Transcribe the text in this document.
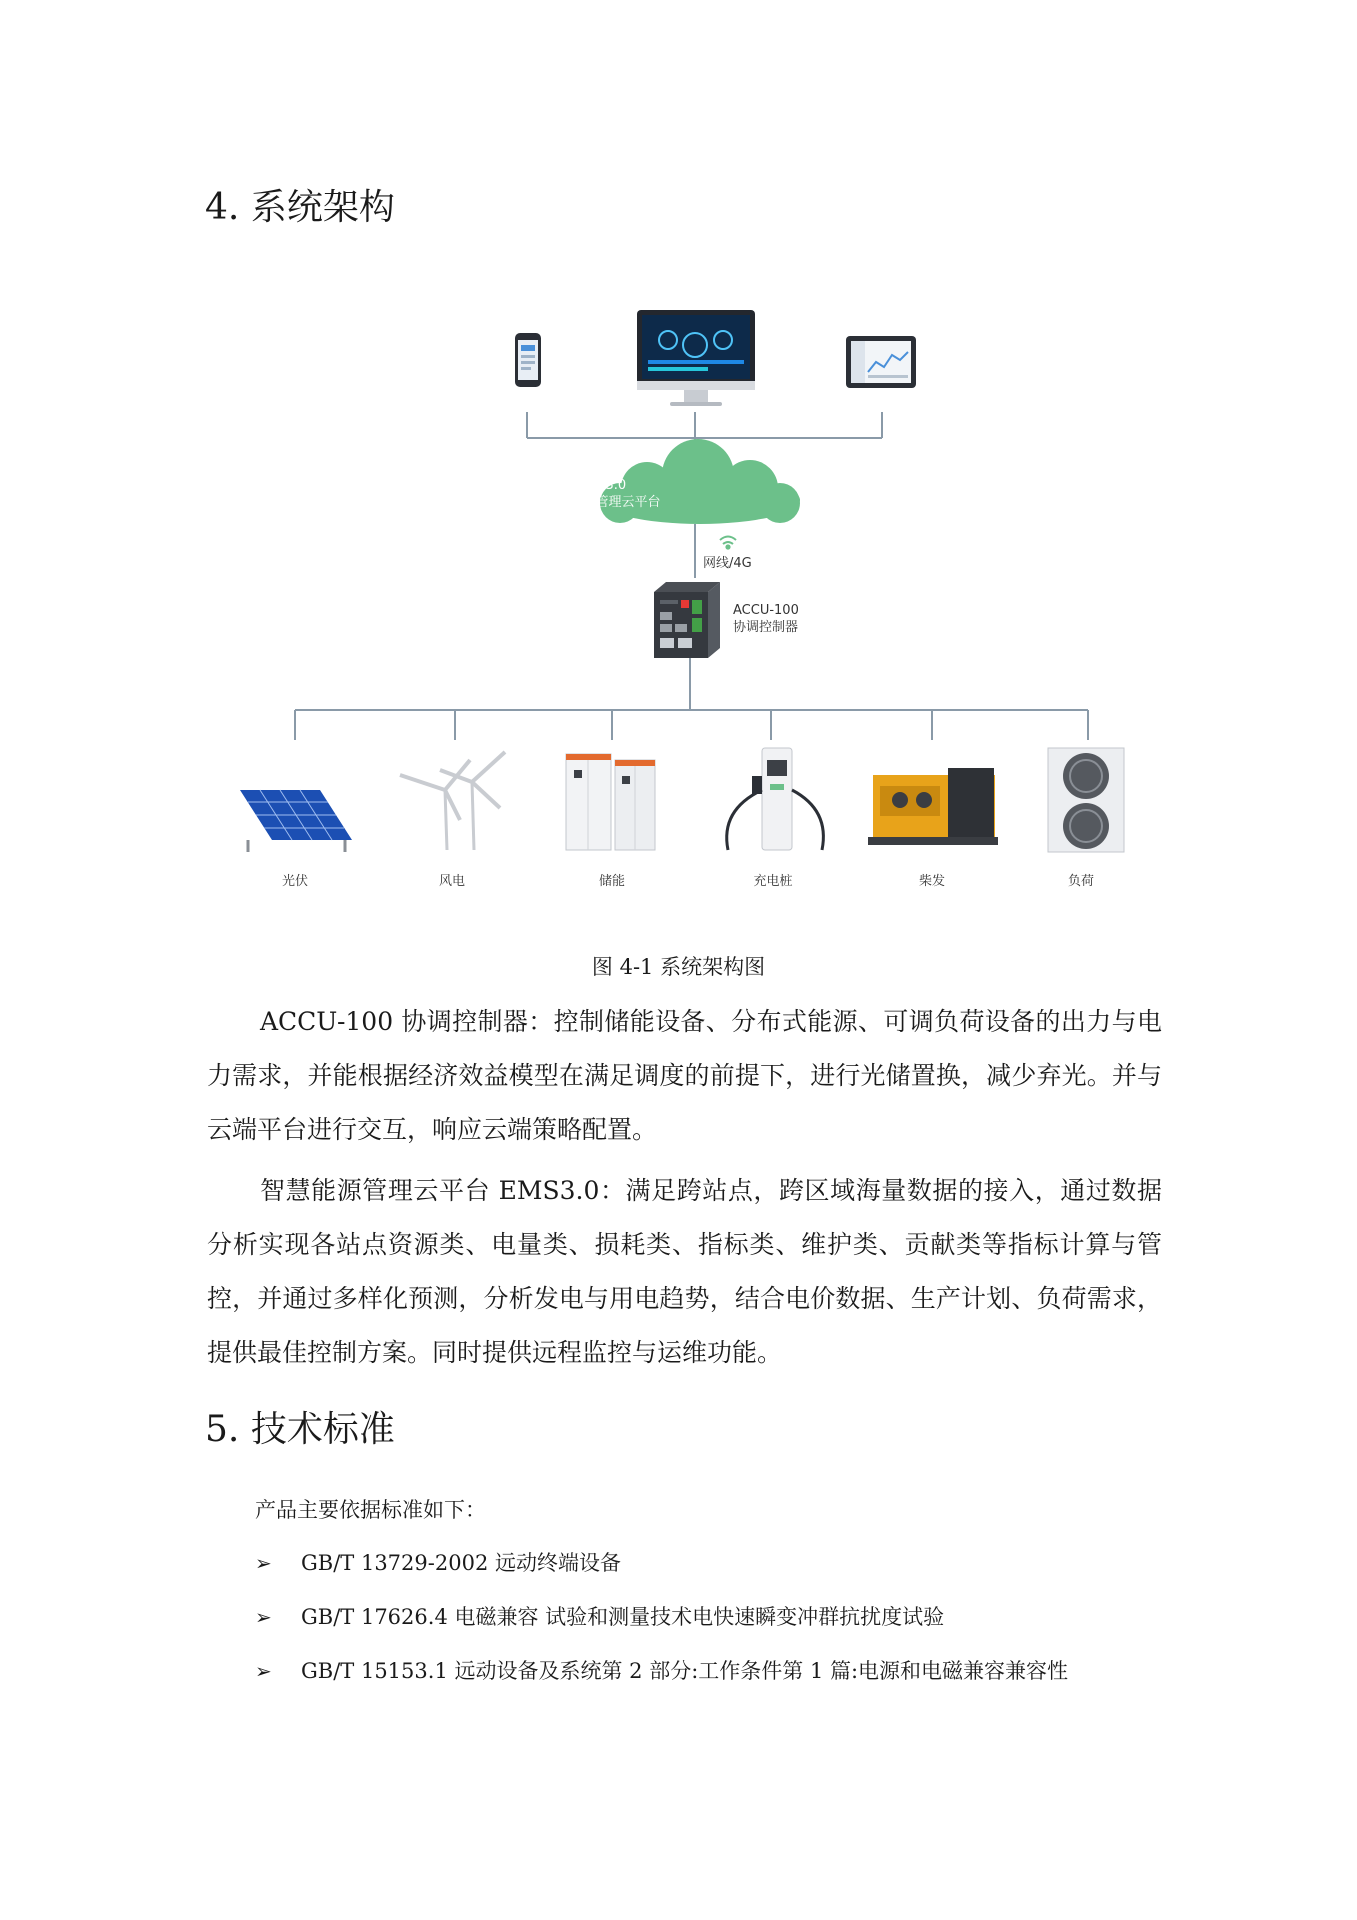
4. 系统架构
EMS3.0
智慧能源管理云平台
网线/4G
ACCU-100
协调控制器
光伏	风电	储能	充电桩	柴发	负荷
图 4-1 系统架构图

ACCU-100 协调控制器：控制储能设备、分布式能源、可调负荷设备的出力与电力需求，并能根据经济效益模型在满足调度的前提下，进行光储置换，减少弃光。并与云端平台进行交互，响应云端策略配置。

智慧能源管理云平台 EMS3.0：满足跨站点，跨区域海量数据的接入，通过数据分析实现各站点资源类、电量类、损耗类、指标类、维护类、贡献类等指标计算与管控，并通过多样化预测，分析发电与用电趋势，结合电价数据、生产计划、负荷需求，提供最佳控制方案。同时提供远程监控与运维功能。

5. 技术标准

产品主要依据标准如下：

➢	GB/T 13729-2002 远动终端设备
➢	GB/T 17626.4 电磁兼容 试验和测量技术电快速瞬变冲群抗扰度试验
➢	GB/T 15153.1 远动设备及系统第 2 部分:工作条件第 1 篇:电源和电磁兼容兼容性
